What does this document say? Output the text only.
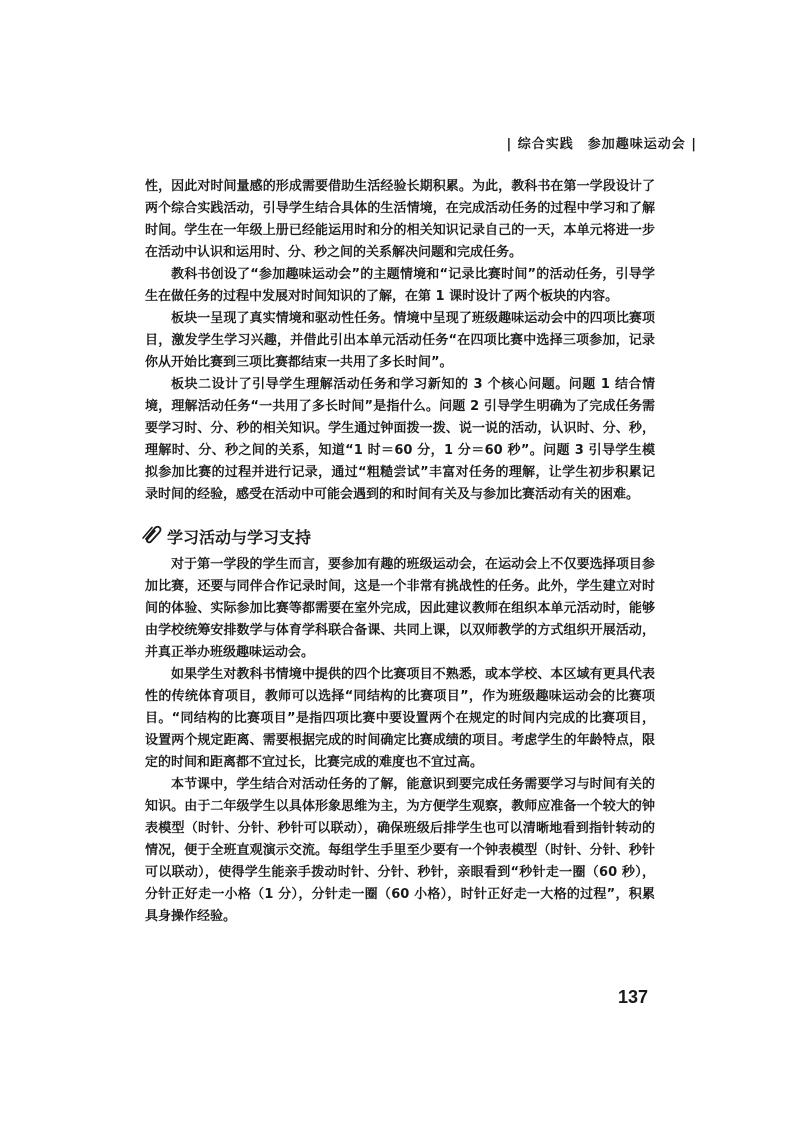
| 综合实践　参加趣味运动会 |

性，因此对时间量感的形成需要借助生活经验长期积累。为此，教科书在第一学段设计了两个综合实践活动，引导学生结合具体的生活情境，在完成活动任务的过程中学习和了解时间。学生在一年级上册已经能运用时和分的相关知识记录自己的一天，本单元将进一步在活动中认识和运用时、分、秒之间的关系解决问题和完成任务。

教科书创设了“参加趣味运动会”的主题情境和“记录比赛时间”的活动任务，引导学生在做任务的过程中发展对时间知识的了解，在第 1 课时设计了两个板块的内容。

板块一呈现了真实情境和驱动性任务。情境中呈现了班级趣味运动会中的四项比赛项目，激发学生学习兴趣，并借此引出本单元活动任务“在四项比赛中选择三项参加，记录你从开始比赛到三项比赛都结束一共用了多长时间”。

板块二设计了引导学生理解活动任务和学习新知的 3 个核心问题。问题 1 结合情境，理解活动任务“一共用了多长时间”是指什么。问题 2 引导学生明确为了完成任务需要学习时、分、秒的相关知识。学生通过钟面拨一拨、说一说的活动，认识时、分、秒，理解时、分、秒之间的关系，知道“1 时＝60 分，1 分＝60 秒”。问题 3 引导学生模拟参加比赛的过程并进行记录，通过“粗糙尝试”丰富对任务的理解，让学生初步积累记录时间的经验，感受在活动中可能会遇到的和时间有关及与参加比赛活动有关的困难。

学习活动与学习支持

对于第一学段的学生而言，要参加有趣的班级运动会，在运动会上不仅要选择项目参加比赛，还要与同伴合作记录时间，这是一个非常有挑战性的任务。此外，学生建立对时间的体验、实际参加比赛等都需要在室外完成，因此建议教师在组织本单元活动时，能够由学校统筹安排数学与体育学科联合备课、共同上课，以双师教学的方式组织开展活动，并真正举办班级趣味运动会。

如果学生对教科书情境中提供的四个比赛项目不熟悉，或本学校、本区域有更具代表性的传统体育项目，教师可以选择“同结构的比赛项目”，作为班级趣味运动会的比赛项目。“同结构的比赛项目”是指四项比赛中要设置两个在规定的时间内完成的比赛项目，设置两个规定距离、需要根据完成的时间确定比赛成绩的项目。考虑学生的年龄特点，限定的时间和距离都不宜过长，比赛完成的难度也不宜过高。

本节课中，学生结合对活动任务的了解，能意识到要完成任务需要学习与时间有关的知识。由于二年级学生以具体形象思维为主，为方便学生观察，教师应准备一个较大的钟表模型（时针、分针、秒针可以联动），确保班级后排学生也可以清晰地看到指针转动的情况，便于全班直观演示交流。每组学生手里至少要有一个钟表模型（时针、分针、秒针可以联动），使得学生能亲手拨动时针、分针、秒针，亲眼看到“秒针走一圈（60 秒），分针正好走一小格（1 分），分针走一圈（60 小格），时针正好走一大格的过程”，积累具身操作经验。

137
